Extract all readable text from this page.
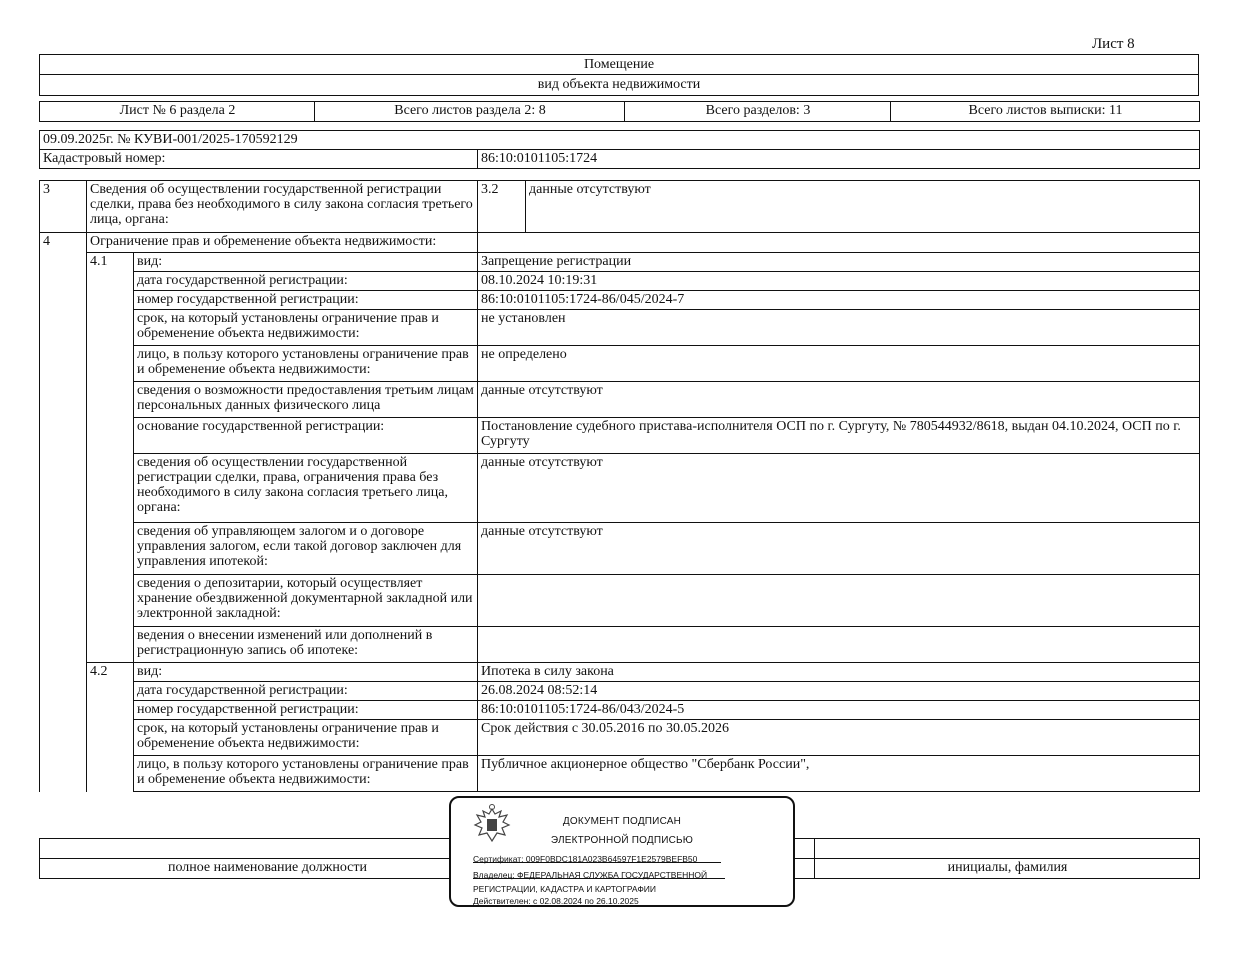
Лист 8
Помещение
вид объекта недвижимости
Лист № 6 раздела 2	Всего листов раздела 2: 8	Всего разделов: 3	Всего листов выписки: 11
09.09.2025г. № КУВИ-001/2025-170592129
Кадастровый номер:	86:10:0101105:1724
3	Сведения об осуществлении государственной регистрации сделки, права без необходимого в силу закона согласия третьего лица, органа:		3.2	данные отсутствуют
4	Ограничение прав и обременение объекта недвижимости:			
	4.1	вид:	Запрещение регистрации	
		дата государственной регистрации:	08.10.2024 10:19:31	
		номер государственной регистрации:	86:10:0101105:1724-86/045/2024-7	
		срок, на который установлены ограничение прав и обременение объекта недвижимости:	не установлен	
		лицо, в пользу которого установлены ограничение прав и обременение объекта недвижимости:	не определено	
		сведения о возможности предоставления третьим лицам персональных данных физического лица	данные отсутствуют	
		основание государственной регистрации:	Постановление судебного пристава-исполнителя ОСП по г. Сургуту, № 780544932/8618, выдан 04.10.2024, ОСП по г. Сургуту	
		сведения об осуществлении государственной регистрации сделки, права, ограничения права без необходимого в силу закона согласия третьего лица, органа:	данные отсутствуют	
		сведения об управляющем залогом и о договоре управления залогом, если такой договор заключен для управления ипотекой:	данные отсутствуют	
		сведения о депозитарии, который осуществляет хранение обездвиженной документарной закладной или электронной закладной:		
		ведения о внесении изменений или дополнений в регистрационную запись об ипотеке:		
	4.2	вид:	Ипотека в силу закона	
		дата государственной регистрации:	26.08.2024 08:52:14	
		номер государственной регистрации:	86:10:0101105:1724-86/043/2024-5	
		срок, на который установлены ограничение прав и обременение объекта недвижимости:	Срок действия с 30.05.2016 по 30.05.2026	
		лицо, в пользу которого установлены ограничение прав и обременение объекта недвижимости:	Публичное акционерное общество "Сбербанк России",	

полное наименование должности		инициалы, фамилия
ДОКУМЕНТ ПОДПИСАН
ЭЛЕКТРОННОЙ ПОДПИСЬЮ
Сертификат: 009F0BDC181A023B64597F1E2579BEFB50
Владелец: ФЕДЕРАЛЬНАЯ СЛУЖБА ГОСУДАРСТВЕННОЙ
РЕГИСТРАЦИИ, КАДАСТРА И КАРТОГРАФИИ
Действителен: с 02.08.2024 по 26.10.2025
